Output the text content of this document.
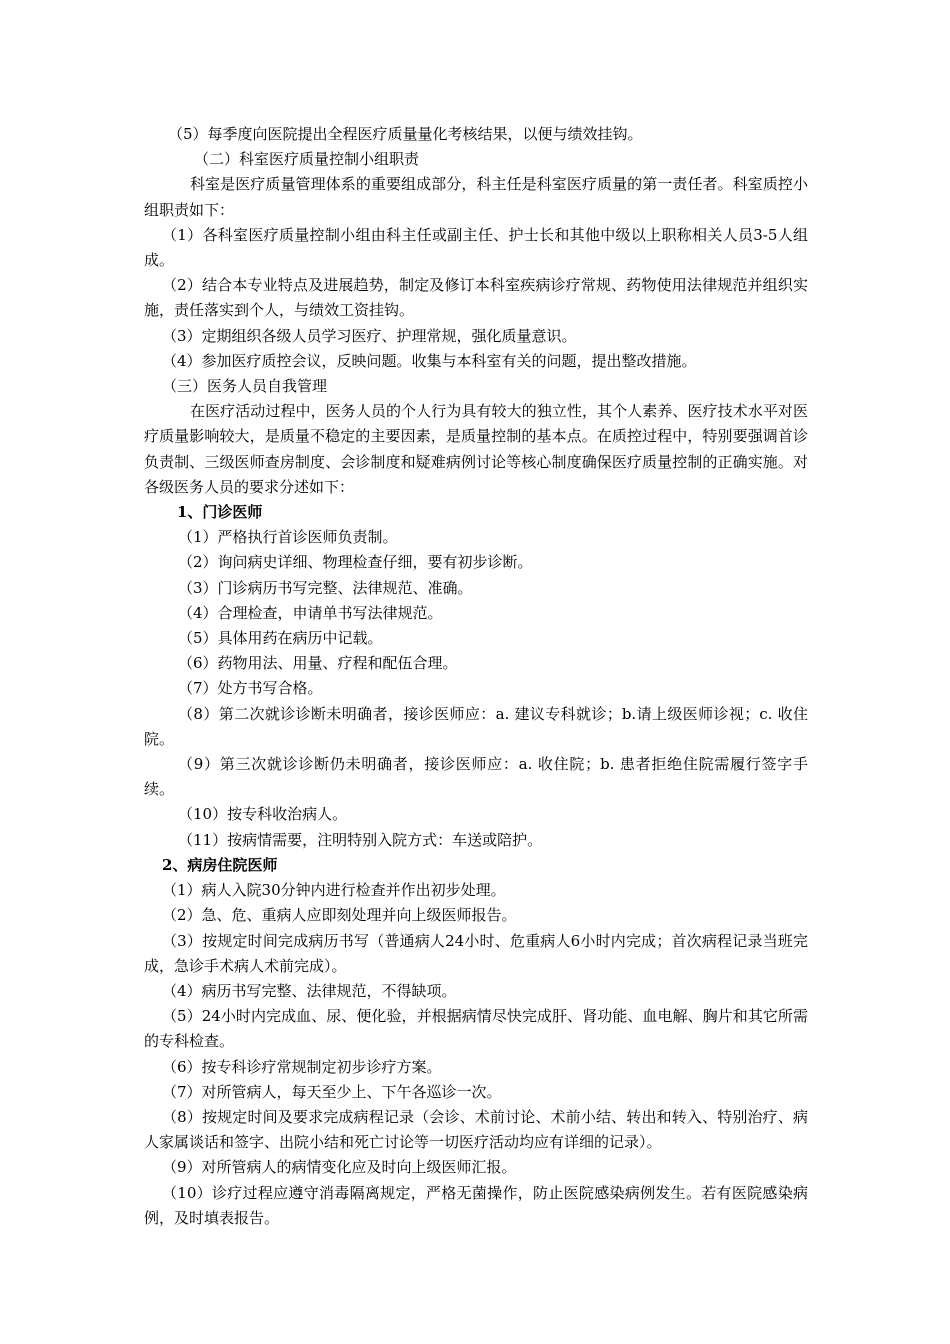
（5）每季度向医院提出全程医疗质量量化考核结果，以便与绩效挂钩。

（二）科室医疗质量控制小组职责

科室是医疗质量管理体系的重要组成部分，科主任是科室医疗质量的第一责任者。科室质控小组职责如下：

（1）各科室医疗质量控制小组由科主任或副主任、护士长和其他中级以上职称相关人员3-5人组成。

（2）结合本专业特点及进展趋势，制定及修订本科室疾病诊疗常规、药物使用法律规范并组织实施，责任落实到个人，与绩效工资挂钩。

（3）定期组织各级人员学习医疗、护理常规，强化质量意识。

（4）参加医疗质控会议，反映问题。收集与本科室有关的问题，提出整改措施。

（三）医务人员自我管理

在医疗活动过程中，医务人员的个人行为具有较大的独立性，其个人素养、医疗技术水平对医疗质量影响较大，是质量不稳定的主要因素，是质量控制的基本点。在质控过程中，特别要强调首诊负责制、三级医师查房制度、会诊制度和疑难病例讨论等核心制度确保医疗质量控制的正确实施。对各级医务人员的要求分述如下：

1、门诊医师

（1）严格执行首诊医师负责制。

（2）询问病史详细、物理检查仔细，要有初步诊断。

（3）门诊病历书写完整、法律规范、准确。

（4）合理检查，申请单书写法律规范。

（5）具体用药在病历中记载。

（6）药物用法、用量、疗程和配伍合理。

（7）处方书写合格。

（8）第二次就诊诊断未明确者，接诊医师应：a. 建议专科就诊；b.请上级医师诊视；c. 收住院。

（9）第三次就诊诊断仍未明确者，接诊医师应：a. 收住院；b. 患者拒绝住院需履行签字手续。

（10）按专科收治病人。

（11）按病情需要，注明特别入院方式：车送或陪护。

2、病房住院医师

（1）病人入院30分钟内进行检查并作出初步处理。

（2）急、危、重病人应即刻处理并向上级医师报告。

（3）按规定时间完成病历书写（普通病人24小时、危重病人6小时内完成；首次病程记录当班完成，急诊手术病人术前完成）。

（4）病历书写完整、法律规范，不得缺项。

（5）24小时内完成血、尿、便化验，并根据病情尽快完成肝、肾功能、血电解、胸片和其它所需的专科检查。

（6）按专科诊疗常规制定初步诊疗方案。

（7）对所管病人，每天至少上、下午各巡诊一次。

（8）按规定时间及要求完成病程记录（会诊、术前讨论、术前小结、转出和转入、特别治疗、病人家属谈话和签字、出院小结和死亡讨论等一切医疗活动均应有详细的记录）。

（9）对所管病人的病情变化应及时向上级医师汇报。

（10）诊疗过程应遵守消毒隔离规定，严格无菌操作，防止医院感染病例发生。若有医院感染病例，及时填表报告。
